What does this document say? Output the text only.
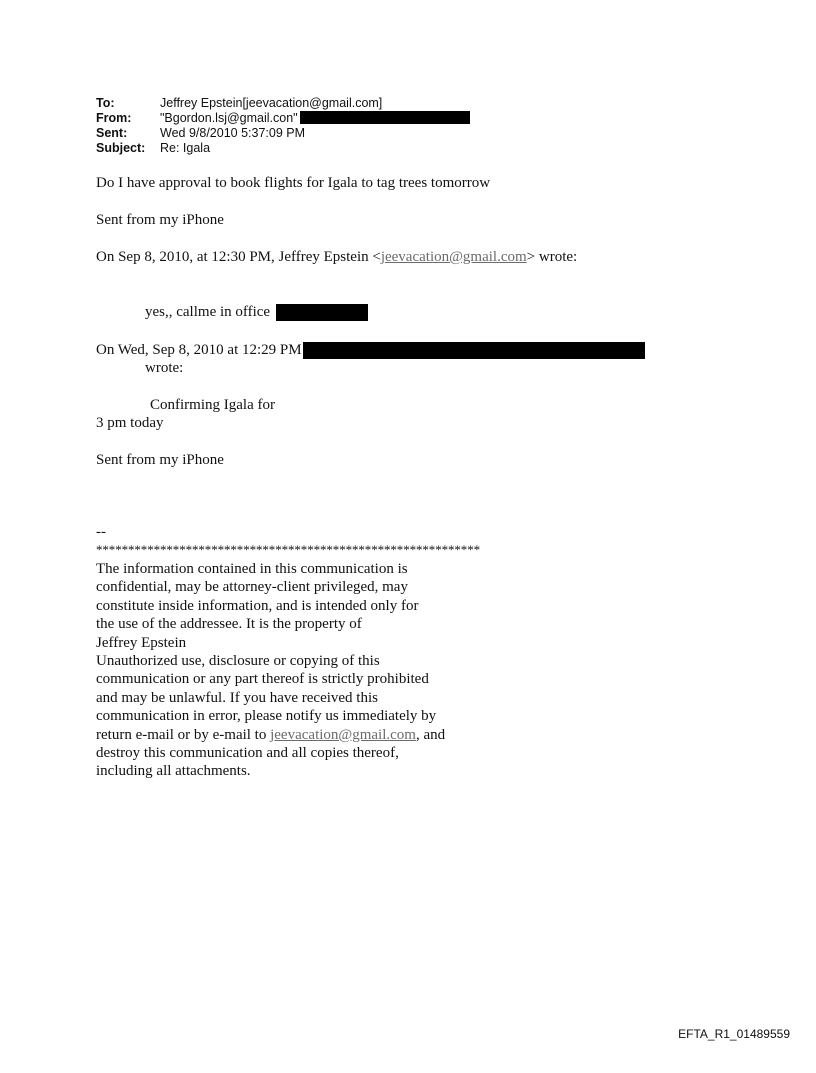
To:	Jeffrey Epstein[jeevacation@gmail.com]
From:	"Bgordon.lsj@gmail.con"
Sent:	Wed 9/8/2010 5:37:09 PM
Subject:	Re: Igala
Do I have approval to book flights for Igala to tag trees tomorrow
Sent from my iPhone
On Sep 8, 2010, at 12:30 PM, Jeffrey Epstein <jeevacation@gmail.com> wrote:
yes,, callme in office
On Wed, Sep 8, 2010 at 12:29 PM
wrote:
Confirming Igala for
3 pm today
Sent from my iPhone
--
************************************************************
The information contained in this communication is
confidential, may be attorney-client privileged, may
constitute inside information, and is intended only for
the use of the addressee. It is the property of
Jeffrey Epstein
Unauthorized use, disclosure or copying of this
communication or any part thereof is strictly prohibited
and may be unlawful. If you have received this
communication in error, please notify us immediately by
return e-mail or by e-mail to jeevacation@gmail.com, and
destroy this communication and all copies thereof,
including all attachments.
EFTA_R1_01489559
